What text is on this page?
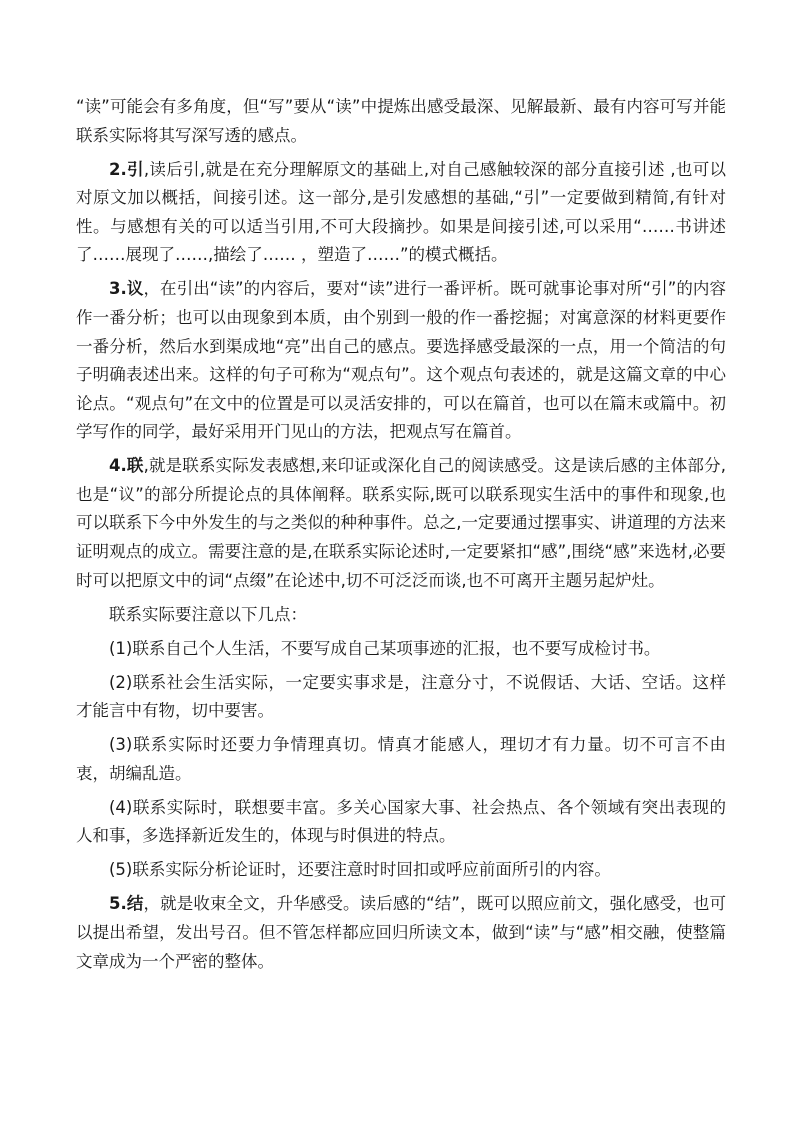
“读”可能会有多角度，但“写”要从“读”中提炼出感受最深、见解最新、最有内容可写并能联系实际将其写深写透的感点。

2.引,读后引,就是在充分理解原文的基础上,对自己感触较深的部分直接引述 ,也可以对原文加以概括，间接引述。这一部分,是引发感想的基础,“引”一定要做到精简,有针对 性。与感想有关的可以适当引用,不可大段摘抄。如果是间接引述,可以采用“……书讲述了……展现了……,描绘了…… ，塑造了……”的模式概括。

3.议，在引出“读”的内容后，要对“读”进行一番评析。既可就事论事对所“引”的内容作一番分析；也可以由现象到本质，由个别到一般的作一番挖掘；对寓意深的材料更要作一番分析，然后水到渠成地“亮”出自己的感点。要选择感受最深的一点，用一个简洁的句子明确表述出来。这样的句子可称为“观点句”。这个观点句表述的，就是这篇文章的中心论点。“观点句”在文中的位置是可以灵活安排的，可以在篇首，也可以在篇末或篇中。初学写作的同学，最好采用开门见山的方法，把观点写在篇首。

4.联,就是联系实际发表感想,来印证或深化自己的阅读感受。这是读后感的主体部分,也是“议”的部分所提论点的具体阐释。联系实际,既可以联系现实生活中的事件和现象,也可以联系下今中外发生的与之类似的种种事件。总之,一定要通过摆事实、讲道理的方法来证明观点的成立。需要注意的是,在联系实际论述时,一定要紧扣“感”,围绕“感”来选材,必要时可以把原文中的词“点缀”在论述中,切不可泛泛而谈,也不可离开主题另起炉灶。

联系实际要注意以下几点：

(1)联系自己个人生活，不要写成自己某项事迹的汇报，也不要写成检讨书。

(2)联系社会生活实际，一定要实事求是，注意分寸，不说假话、大话、空话。这样才能言中有物，切中要害。

(3)联系实际时还要力争情理真切。情真才能感人，理切才有力量。切不可言不由衷，胡编乱造。

(4)联系实际时，联想要丰富。多关心国家大事、社会热点、各个领域有突出表现的人和事，多选择新近发生的，体现与时俱进的特点。

(5)联系实际分析论证时，还要注意时时回扣或呼应前面所引的内容。

5.结，就是收束全文，升华感受。读后感的“结”，既可以照应前文，强化感受，也可以提出希望，发出号召。但不管怎样都应回归所读文本，做到“读”与“感”相交融，使整篇文章成为一个严密的整体。
